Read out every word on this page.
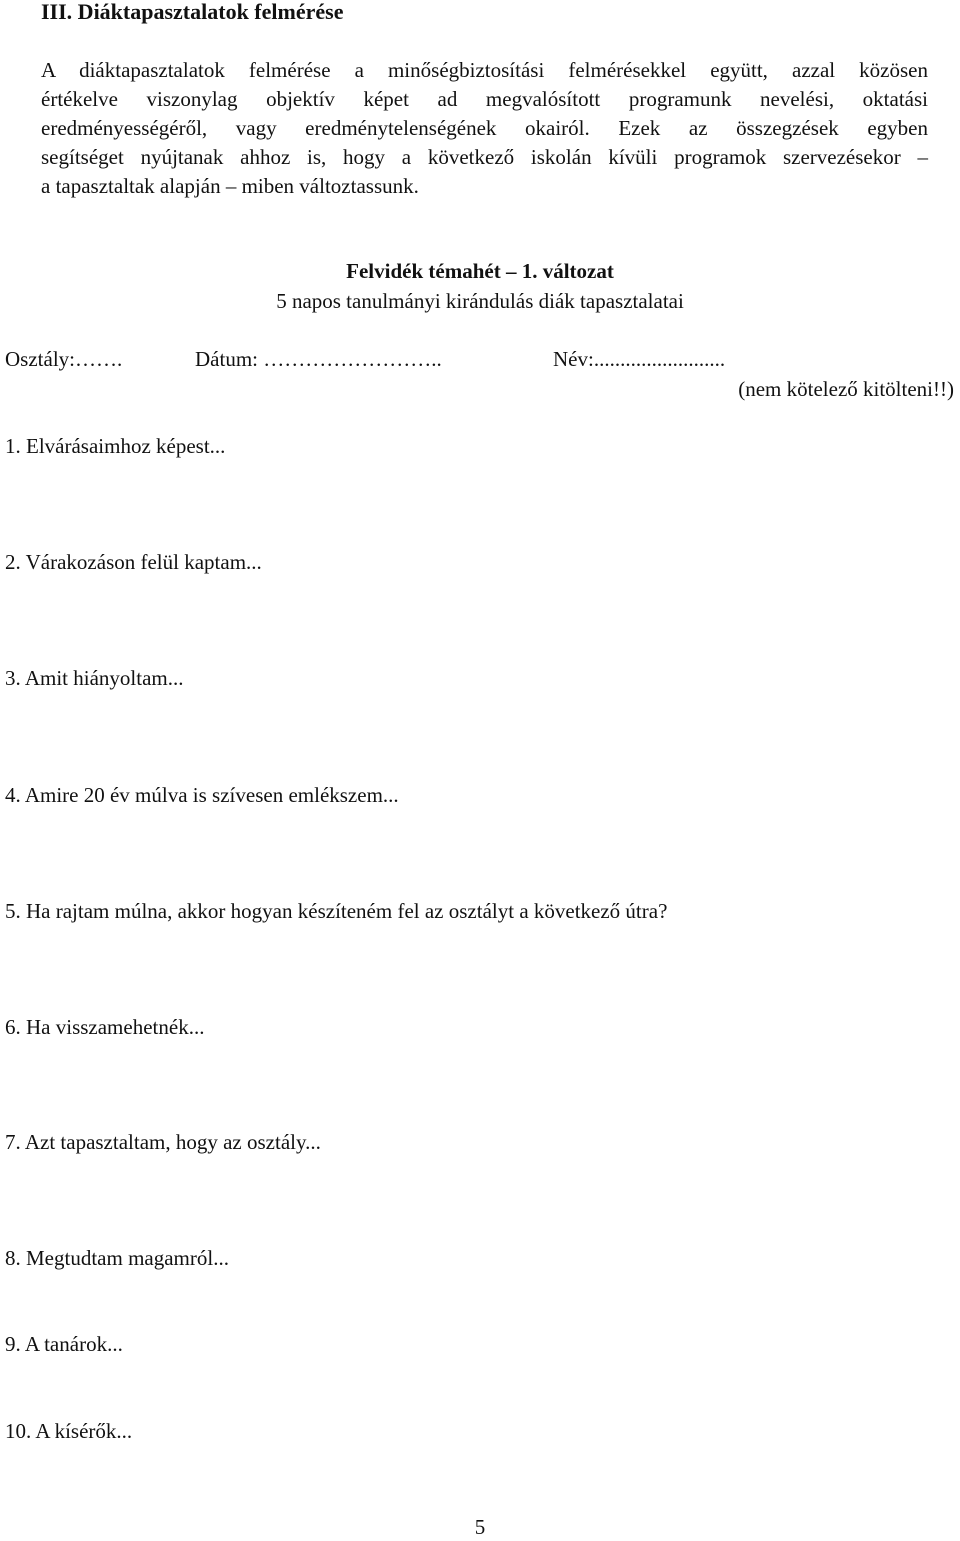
III. Diáktapasztalatok felmérése
A diáktapasztalatok felmérése a minőségbiztosítási felmérésekkel együtt, azzal közösen
értékelve viszonylag objektív képet ad megvalósított programunk nevelési, oktatási
eredményességéről, vagy eredménytelenségének okairól. Ezek az összegzések egyben
segítséget nyújtanak ahhoz is, hogy a következő iskolán kívüli programok szervezésekor –
a tapasztaltak alapján – miben változtassunk.
Felvidék témahét – 1. változat
5 napos tanulmányi kirándulás diák tapasztalatai
Osztály:…….	Dátum: ……………………..	Név:.........................
(nem kötelező kitölteni!!)
1. Elvárásaimhoz képest...
2. Várakozáson felül kaptam...
3. Amit hiányoltam...
4. Amire 20 év múlva is szívesen emlékszem...
5. Ha rajtam múlna, akkor hogyan készíteném fel az osztályt a következő útra?
6. Ha visszamehetnék...
7. Azt tapasztaltam, hogy az osztály...
8. Megtudtam magamról...
9. A tanárok...
10. A kísérők...
5
